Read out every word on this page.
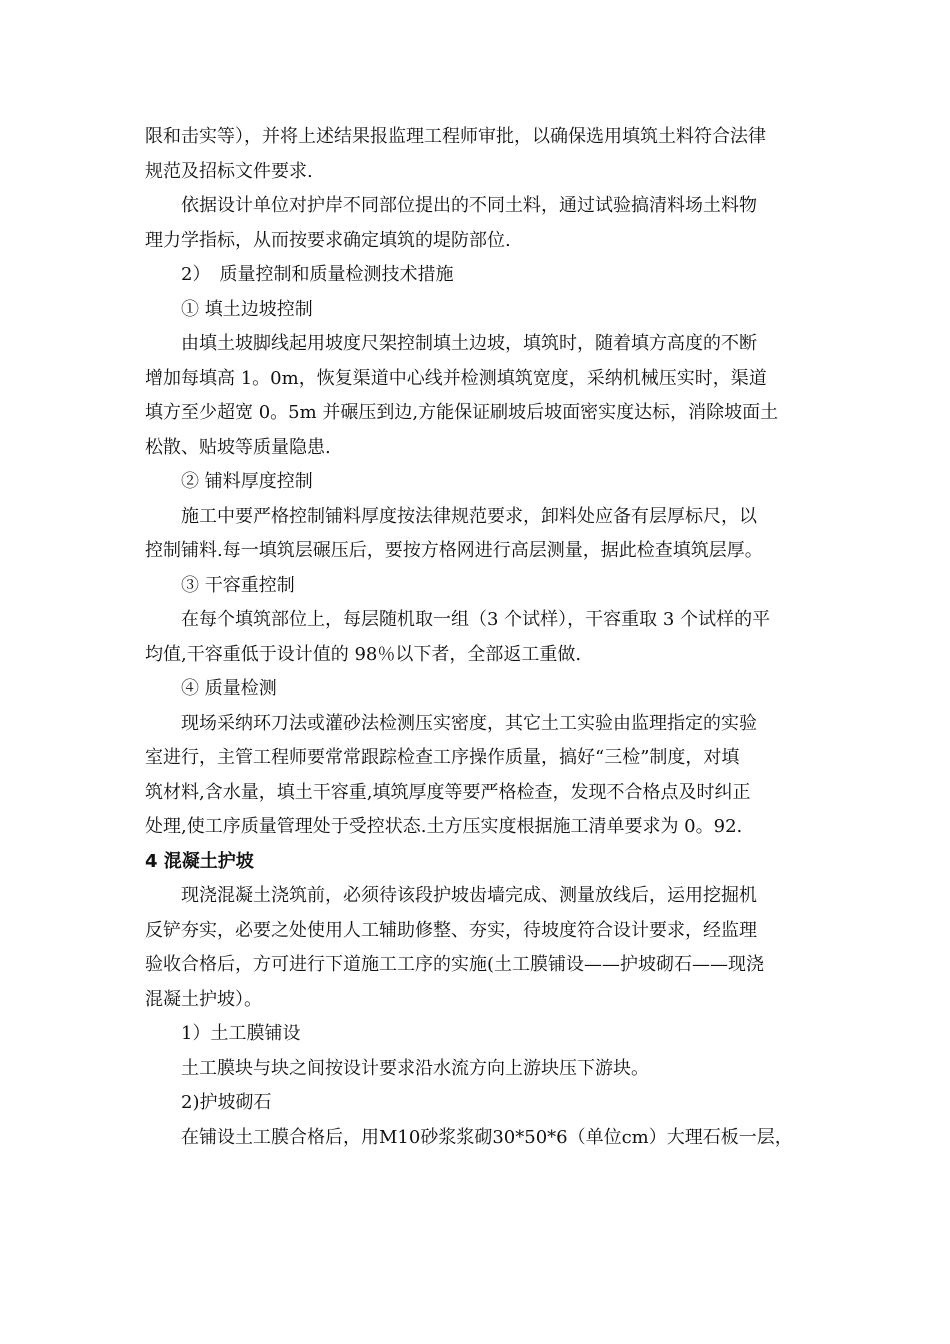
限和击实等），并将上述结果报监理工程师审批，以确保选用填筑土料符合法律
规范及招标文件要求.
依据设计单位对护岸不同部位提出的不同土料，通过试验搞清料场土料物
理力学指标，从而按要求确定填筑的堤防部位.
2）　质量控制和质量检测技术措施
① 填土边坡控制
由填土坡脚线起用坡度尺架控制填土边坡，填筑时，随着填方高度的不断
增加每填高 1。0m，恢复渠道中心线并检测填筑宽度，采纳机械压实时，渠道
填方至少超宽 0。5m 并碾压到边,方能保证刷坡后坡面密实度达标，消除坡面土
松散、贴坡等质量隐患.
② 铺料厚度控制
施工中要严格控制铺料厚度按法律规范要求，卸料处应备有层厚标尺，以
控制铺料.每一填筑层碾压后，要按方格网进行高层测量，据此检查填筑层厚。
③ 干容重控制
在每个填筑部位上，每层随机取一组（3 个试样），干容重取 3 个试样的平
均值,干容重低于设计值的 98％以下者，全部返工重做.
④ 质量检测
现场采纳环刀法或灌砂法检测压实密度，其它土工实验由监理指定的实验
室进行，主管工程师要常常跟踪检查工序操作质量，搞好“三检”制度，对填
筑材料,含水量，填土干容重,填筑厚度等要严格检查，发现不合格点及时纠正
处理,使工序质量管理处于受控状态.土方压实度根据施工清单要求为 0。92.
4 混凝土护坡
现浇混凝土浇筑前，必须待该段护坡齿墙完成、测量放线后，运用挖掘机
反铲夯实，必要之处使用人工辅助修整、夯实，待坡度符合设计要求，经监理
验收合格后，方可进行下道施工工序的实施(土工膜铺设——护坡砌石——现浇
混凝土护坡）。
1）土工膜铺设
土工膜块与块之间按设计要求沿水流方向上游块压下游块。
2)护坡砌石
在铺设土工膜合格后，用M10砂浆浆砌30*50*6（单位cm）大理石板一层，
